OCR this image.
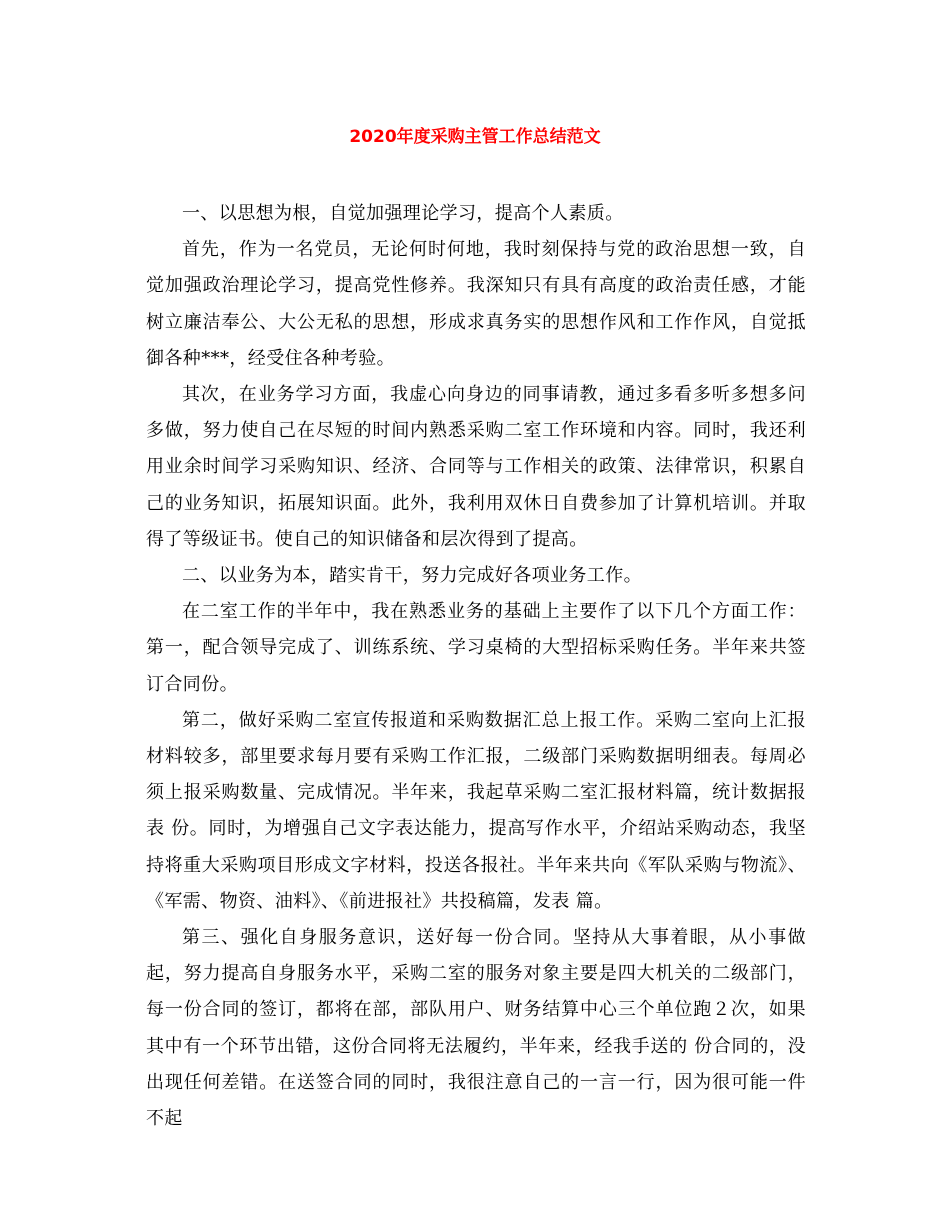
2020年度采购主管工作总结范文

一、以思想为根，自觉加强理论学习，提高个人素质。

首先，作为一名党员，无论何时何地，我时刻保持与党的政治思想一致，自觉加强政治理论学习，提高党性修养。我深知只有具有高度的政治责任感，才能树立廉洁奉公、大公无私的思想，形成求真务实的思想作风和工作作风，自觉抵御各种***，经受住各种考验。

其次，在业务学习方面，我虚心向身边的同事请教，通过多看多听多想多问多做，努力使自己在尽短的时间内熟悉采购二室工作环境和内容。同时，我还利用业余时间学习采购知识、经济、合同等与工作相关的政策、法律常识，积累自己的业务知识，拓展知识面。此外，我利用双休日自费参加了计算机培训。并取得了等级证书。使自己的知识储备和层次得到了提高。

二、以业务为本，踏实肯干，努力完成好各项业务工作。

在二室工作的半年中，我在熟悉业务的基础上主要作了以下几个方面工作：第一，配合领导完成了、训练系统、学习桌椅的大型招标采购任务。半年来共签订合同份。

第二，做好采购二室宣传报道和采购数据汇总上报工作。采购二室向上汇报材料较多，部里要求每月要有采购工作汇报，二级部门采购数据明细表。每周必须上报采购数量、完成情况。半年来，我起草采购二室汇报材料篇，统计数据报表 份。同时，为增强自己文字表达能力，提高写作水平，介绍站采购动态，我坚持将重大采购项目形成文字材料，投送各报社。半年来共向《军队采购与物流》、《军需、物资、油料》、《前进报社》共投稿篇，发表 篇。

第三、强化自身服务意识，送好每一份合同。坚持从大事着眼，从小事做起，努力提高自身服务水平，采购二室的服务对象主要是四大机关的二级部门，每一份合同的签订，都将在部，部队用户、财务结算中心三个单位跑２次，如果其中有一个环节出错，这份合同将无法履约，半年来，经我手送的 份合同的，没出现任何差错。在送签合同的同时，我很注意自己的一言一行，因为很可能一件不起
